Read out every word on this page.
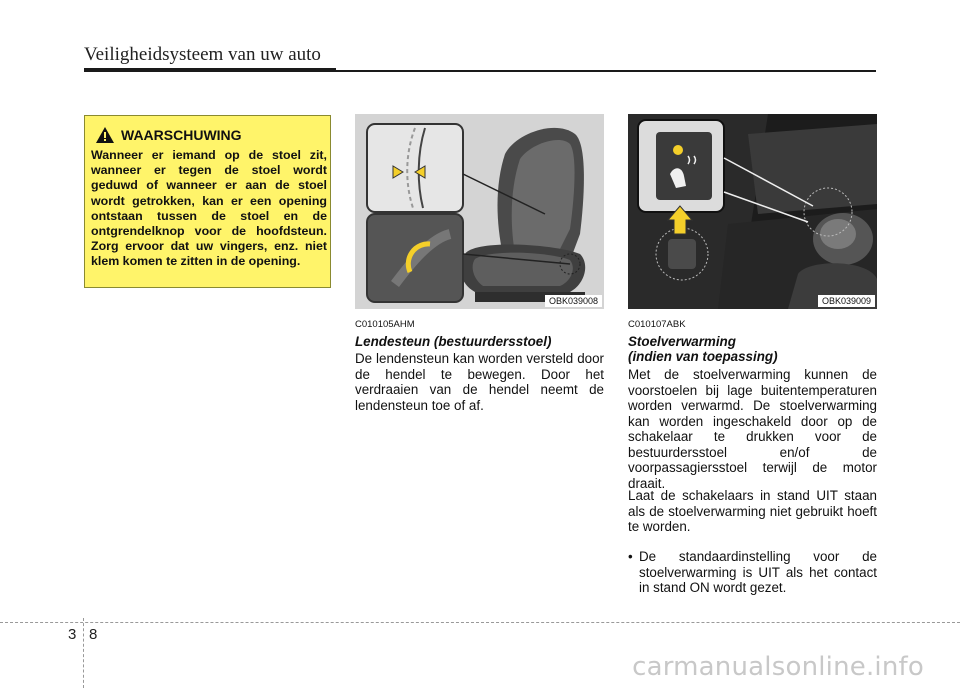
Veiligheidsysteem van uw auto
WAARSCHUWING
Wanneer er iemand op de stoel zit, wanneer er tegen de stoel wordt geduwd of wanneer er aan de stoel wordt getrokken, kan er een opening ontstaan tussen de stoel en de ontgrendelknop voor de hoofdsteun. Zorg ervoor dat uw vingers, enz. niet klem komen te zitten in de opening.
OBK039008	OBK039009
C010105AHM
Lendesteun (bestuurdersstoel)
De lendensteun kan worden versteld door de hendel te bewegen. Door het verdraaien van de hendel neemt de lendensteun toe of af.
C010107ABK
Stoelverwarming
(indien van toepassing)
Met de stoelverwarming kunnen de voorstoelen bij lage buitentemperaturen worden verwarmd. De stoelverwarming kan worden ingeschakeld door op de schakelaar te drukken voor de bestuurdersstoel en/of de voorpassagiersstoel terwijl de motor draait.
Laat de schakelaars in stand UIT staan als de stoelverwarming niet gebruikt hoeft te worden.
• De standaardinstelling voor de stoelverwarming is UIT als het contact in stand ON wordt gezet.
3 8
carmanualsonline.info
